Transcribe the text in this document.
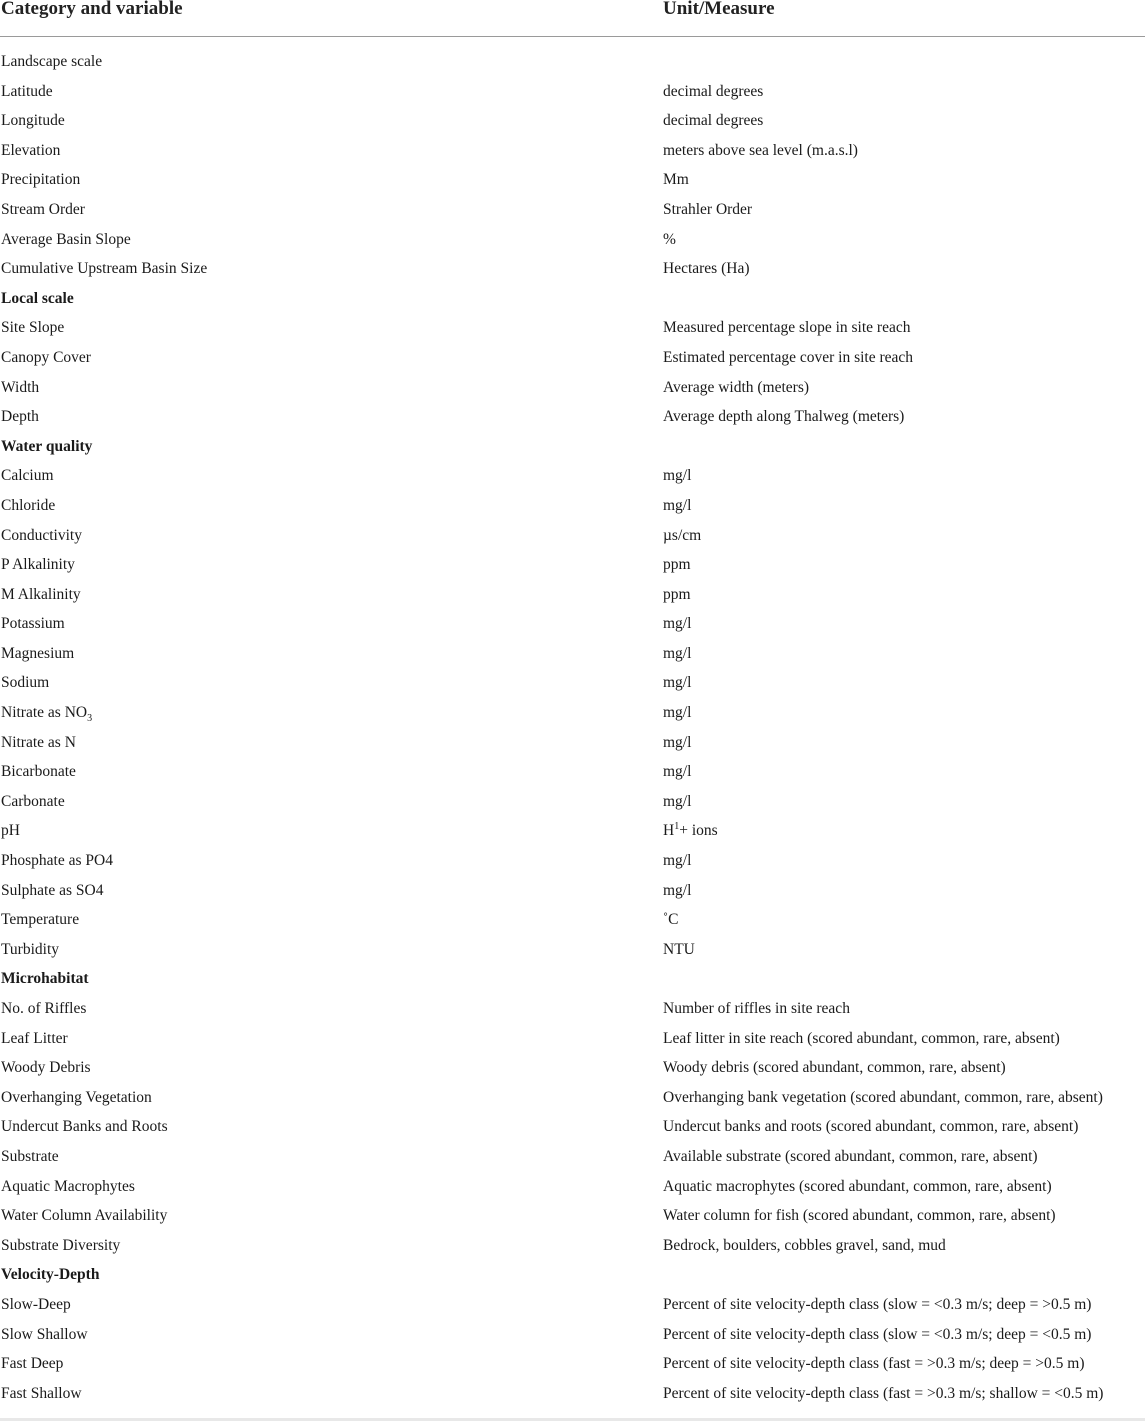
Category and variable	Unit/Measure
Landscape scale
Latitude	decimal degrees
Longitude	decimal degrees
Elevation	meters above sea level (m.a.s.l)
Precipitation	Mm
Stream Order	Strahler Order
Average Basin Slope	%
Cumulative Upstream Basin Size	Hectares (Ha)
Local scale
Site Slope	Measured percentage slope in site reach
Canopy Cover	Estimated percentage cover in site reach
Width	Average width (meters)
Depth	Average depth along Thalweg (meters)
Water quality
Calcium	mg/l
Chloride	mg/l
Conductivity	µs/cm
P Alkalinity	ppm
M Alkalinity	ppm
Potassium	mg/l
Magnesium	mg/l
Sodium	mg/l
Nitrate as $NO_3$	mg/l
Nitrate as N	mg/l
Bicarbonate	mg/l
Carbonate	mg/l
pH	$H^1+$ ions
Phosphate as PO4	mg/l
Sulphate as SO4	mg/l
Temperature	˚C
Turbidity	NTU
Microhabitat
No. of Riffles	Number of riffles in site reach
Leaf Litter	Leaf litter in site reach (scored abundant, common, rare, absent)
Woody Debris	Woody debris (scored abundant, common, rare, absent)
Overhanging Vegetation	Overhanging bank vegetation (scored abundant, common, rare, absent)
Undercut Banks and Roots	Undercut banks and roots (scored abundant, common, rare, absent)
Substrate	Available substrate (scored abundant, common, rare, absent)
Aquatic Macrophytes	Aquatic macrophytes (scored abundant, common, rare, absent)
Water Column Availability	Water column for fish (scored abundant, common, rare, absent)
Substrate Diversity	Bedrock, boulders, cobbles gravel, sand, mud
Velocity-Depth
Slow-Deep	Percent of site velocity-depth class (slow = <0.3 m/s; deep = >0.5 m)
Slow Shallow	Percent of site velocity-depth class (slow = <0.3 m/s; deep = <0.5 m)
Fast Deep	Percent of site velocity-depth class (fast = >0.3 m/s; deep = >0.5 m)
Fast Shallow	Percent of site velocity-depth class (fast = >0.3 m/s; shallow = <0.5 m)
